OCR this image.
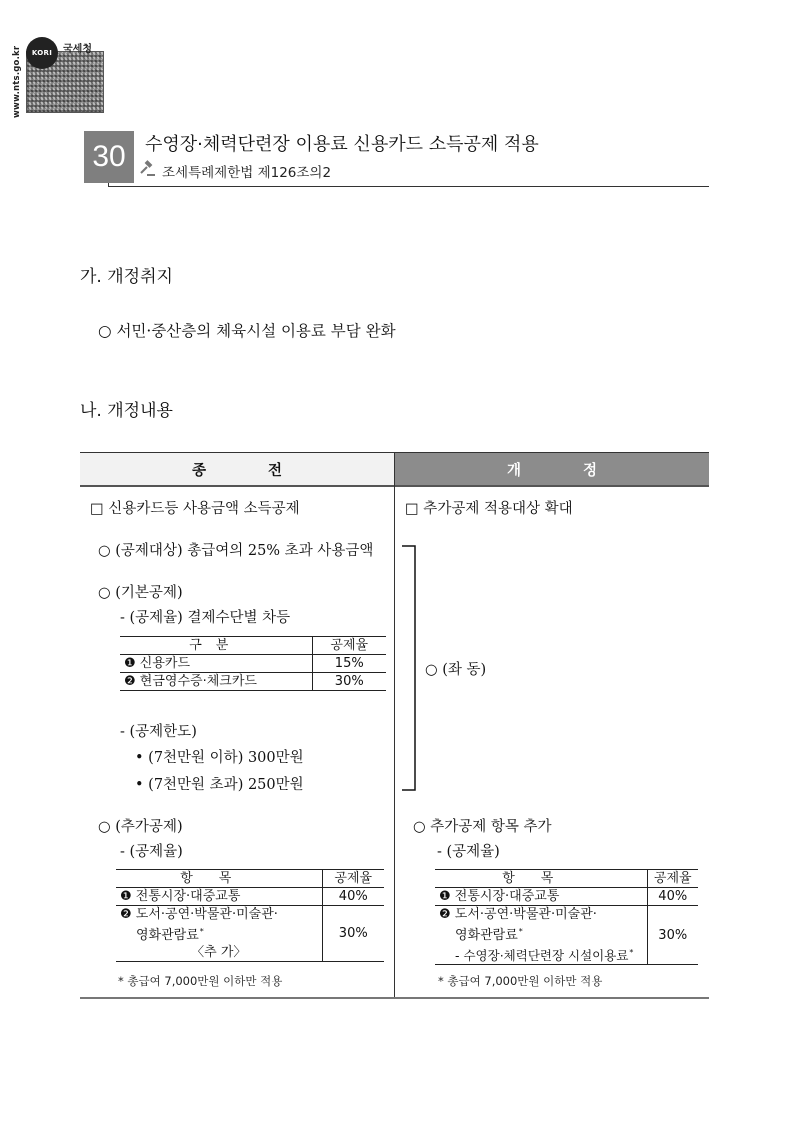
www.nts.go.kr	KORI	국세청
30	수영장·체력단련장 이용료 신용카드 소득공제 적용
조세특례제한법 제126조의2
가. 개정취지
○ 서민·중산층의 체육시설 이용료 부담 완화
나. 개정내용
종전	개정
□ 신용카드등 사용금액 소득공제
○ (공제대상) 총급여의 25% 초과 사용금액
○ (기본공제)
- (공제율) 결제수단별 차등
구분	공제율
❶ 신용카드	15%
❷ 현금영수증·체크카드	30%
- (공제한도)
• (7천만원 이하) 300만원
• (7천만원 초과) 250만원
○ (추가공제)
- (공제율)
항목	공제율
❶ 전통시장·대중교통	40%

❷ 도서·공연·박물관·미술관·
영화관람료*
〈추 가〉	30%
* 총급여 7,000만원 이하만 적용
□ 추가공제 적용대상 확대
○ (좌 동)
○ 추가공제 항목 추가
- (공제율)
항목	공제율
❶ 전통시장·대중교통	40%

❷ 도서·공연·박물관·미술관·
영화관람료*
- 수영장·체력단련장 시설이용료*	30%
* 총급여 7,000만원 이하만 적용
